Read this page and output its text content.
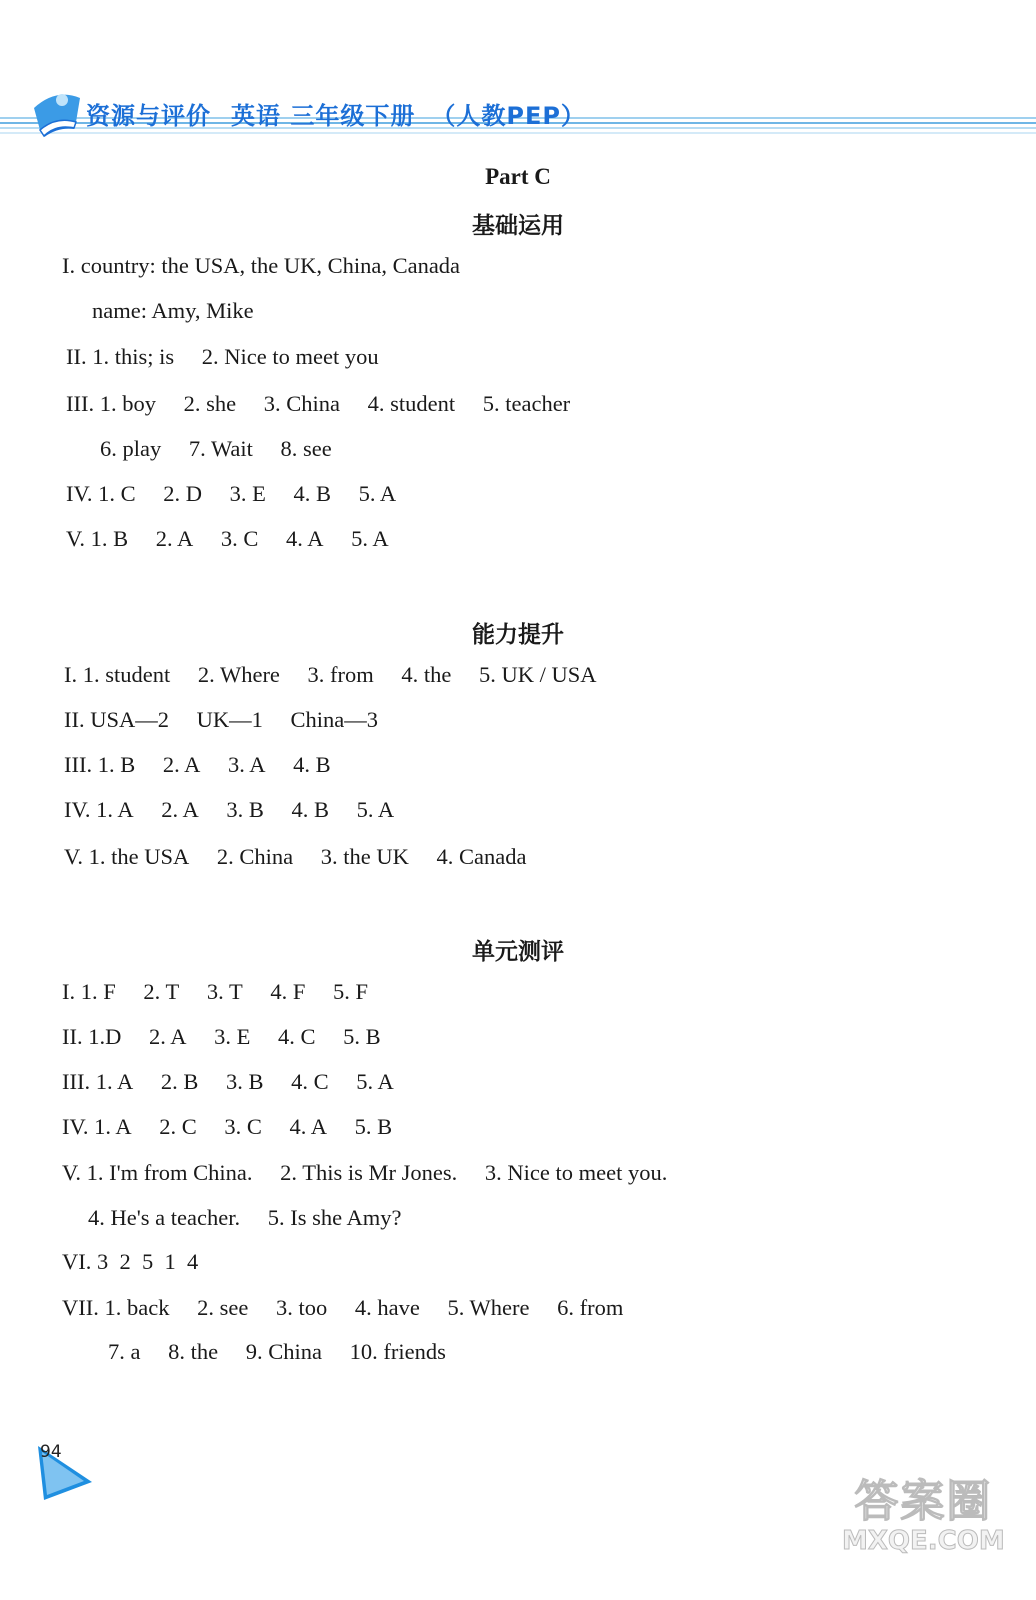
资源与评价 英语 三年级下册 （人教PEP）
Part C
基础运用
I. country: the USA, the UK, China, Canada
name: Amy, Mike
II. 1. this; is 2. Nice to meet you
III. 1. boy 2. she 3. China 4. student 5. teacher
6. play 7. Wait 8. see
IV. 1. C 2. D 3. E 4. B 5. A
V. 1. B 2. A 3. C 4. A 5. A
能力提升
I. 1. student 2. Where 3. from 4. the 5. UK / USA
II. USA—2 UK—1 China—3
III. 1. B 2. A 3. A 4. B
IV. 1. A 2. A 3. B 4. B 5. A
V. 1. the USA 2. China 3. the UK 4. Canada
单元测评
I. 1. F 2. T 3. T 4. F 5. F
II. 1.D 2. A 3. E 4. C 5. B
III. 1. A 2. B 3. B 4. C 5. A
IV. 1. A 2. C 3. C 4. A 5. B
V. 1. I'm from China. 2. This is Mr Jones. 3. Nice to meet you.
4. He's a teacher. 5. Is she Amy?
VI. 3  2  5  1  4
VII. 1. back 2. see 3. too 4. have 5. Where 6. from
7. a 8. the 9. China 10. friends
94
答案圈
MXQE.COM
